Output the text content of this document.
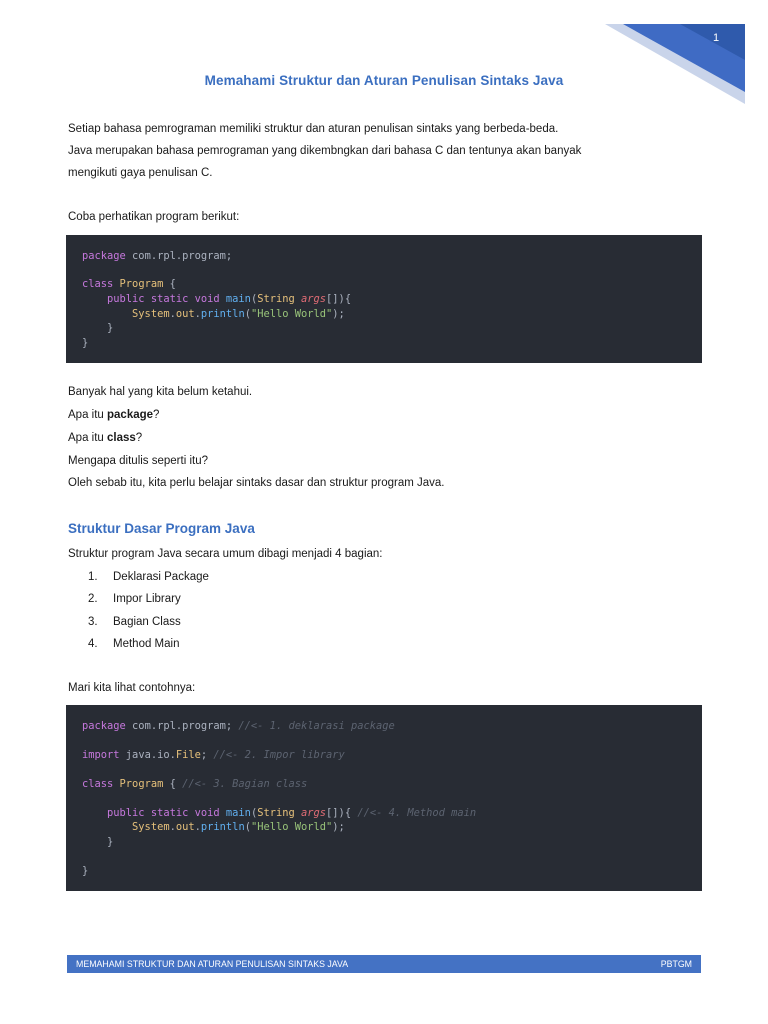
1
Memahami Struktur dan Aturan Penulisan Sintaks Java
Setiap bahasa pemrograman memiliki struktur dan aturan penulisan sintaks yang berbeda-beda.
Java merupakan bahasa pemrograman yang dikembngkan dari bahasa C dan tentunya akan banyak
mengikuti gaya penulisan C.
Coba perhatikan program berikut:
package com.rpl.program;
class Program {
public static void main(String args[]){
System.out.println("Hello World");
}
}
Banyak hal yang kita belum ketahui.
Apa itu package?
Apa itu class?
Mengapa ditulis seperti itu?
Oleh sebab itu, kita perlu belajar sintaks dasar dan struktur program Java.
Struktur Dasar Program Java
Struktur program Java secara umum dibagi menjadi 4 bagian:
1. Deklarasi Package
2. Impor Library
3. Bagian Class
4. Method Main
Mari kita lihat contohnya:
package com.rpl.program; //<- 1. deklarasi package
import java.io.File; //<- 2. Impor library
class Program { //<- 3. Bagian class
public static void main(String args[]){ //<- 4. Method main
System.out.println("Hello World");
}
}
MEMAHAMI STRUKTUR DAN ATURAN PENULISAN SINTAKS JAVA	PBTGM
